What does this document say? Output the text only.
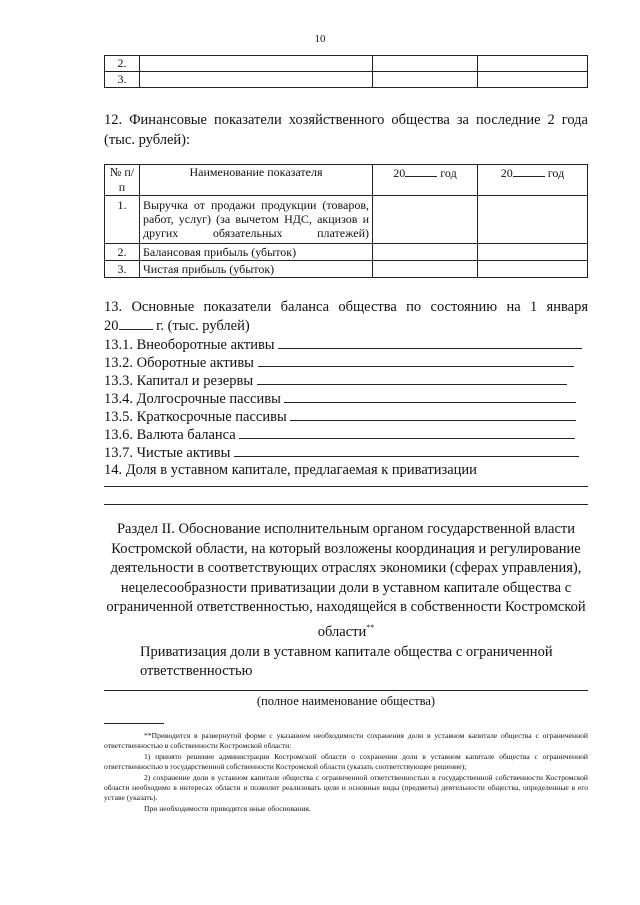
10
2.			
3.			
12. Финансовые показатели хозяйственного общества за последние 2 года (тыс. рублей):
№ п/п	Наименование показателя	20 год	20 год
1.	Выручка от продажи продукции (товаров, работ, услуг) (за вычетом НДС, акцизов и других обязательных платежей)		
2.	Балансовая прибыль (убыток)		
3.	Чистая прибыль (убыток)		
13. Основные показатели баланса общества по состоянию на 1 января
20	г. (тыс. рублей)
13.1. Внеоборотные активы
13.2. Оборотные активы
13.3. Капитал и резервы
13.4. Долгосрочные пассивы
13.5. Краткосрочные пассивы
13.6. Валюта баланса
13.7. Чистые активы
14. Доля в уставном капитале, предлагаемая к приватизации
Раздел II. Обоснование исполнительным органом государственной власти Костромской области, на который возложены координация и регулирование деятельности в соответствующих отраслях экономики (сферах управления), нецелесообразности приватизации доли в уставном капитале общества с ограниченной ответственностью, находящейся в собственности Костромской области**
Приватизация доли в уставном капитале общества с ограниченной ответственностью
(полное наименование общества)
**Приводится в развернутой форме с указанием необходимости сохранения доли в уставном капитале общества с ограниченной ответственностью в собственности Костромской области:
1) принято решение администрации Костромской области о сохранении доли в уставном капитале общества с ограниченной ответственностью в государственной собственности Костромской области (указать соответствующее решение);
2) сохранение доли в уставном капитале общества с ограниченной ответственностью в государственной собственности Костромской области необходимо в интересах области и позволит реализовать цели и основные виды (предметы) деятельности общества, определенные в его уставе (указать).
При необходимости приводятся иные обоснования.
